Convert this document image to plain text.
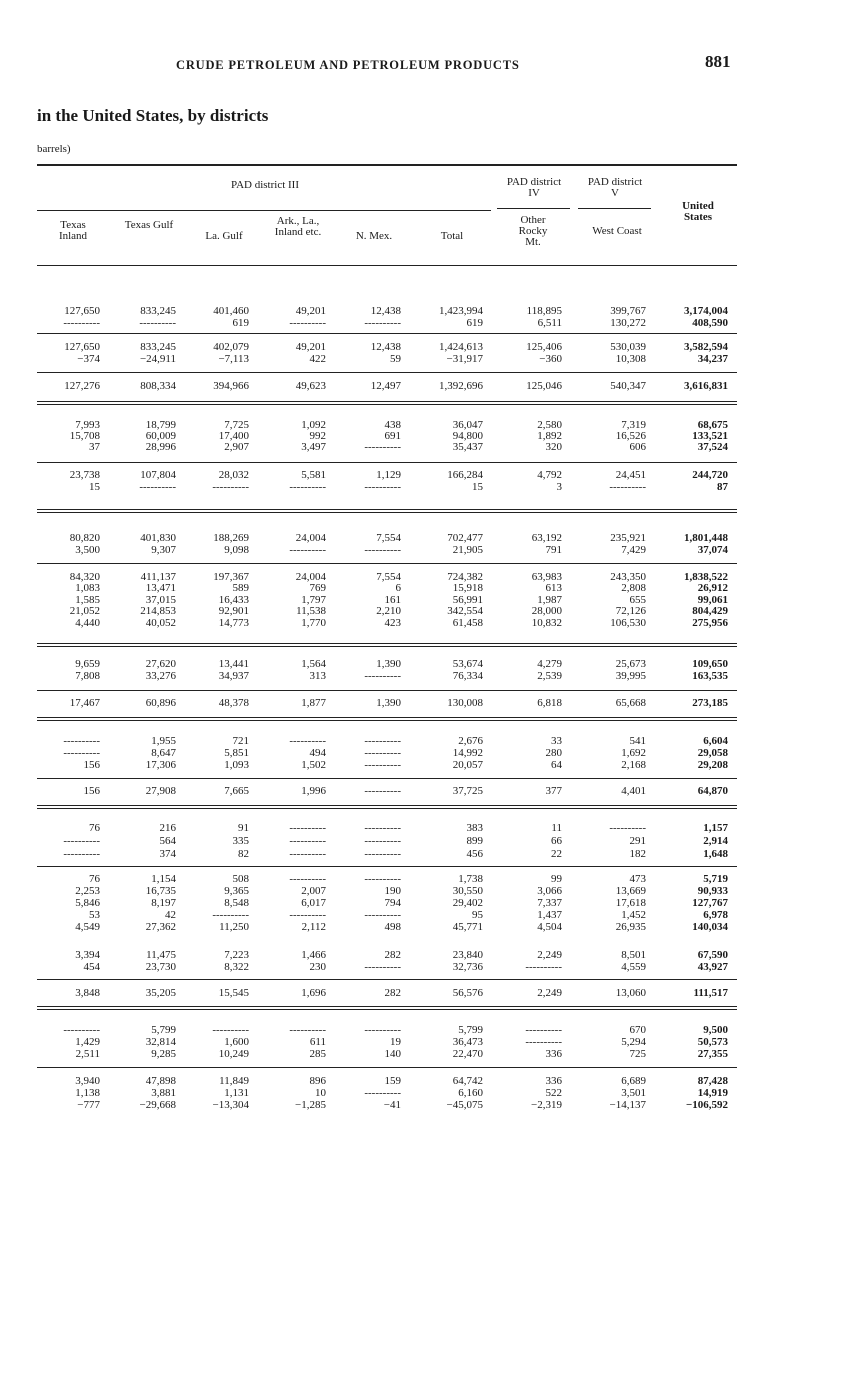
CRUDE PETROLEUM AND PETROLEUM PRODUCTS	881
in the United States, by districts
barrels)
PAD district III	PAD district IV
PAD district V
Texas Inland
Texas Gulf
La. Gulf
Ark., La., Inland etc.	N. Mex.	Total
Other Rocky Mt.
West Coast
United States
127,650	833,245	401,460	49,201	12,438	1,423,994	118,895	399,767	3,174,004
----------	----------	619	----------	----------	619	6,511	130,272	408,590
127,650	833,245	402,079	49,201	12,438	1,424,613	125,406	530,039	3,582,594
−374	−24,911	−7,113	422	59	−31,917	−360	10,308	34,237
127,276	808,334	394,966	49,623	12,497	1,392,696	125,046	540,347	3,616,831
7,993	18,799	7,725	1,092	438	36,047	2,580	7,319	68,675
15,708	60,009	17,400	992	691	94,800	1,892	16,526	133,521
37	28,996	2,907	3,497	----------	35,437	320	606	37,524
23,738	107,804	28,032	5,581	1,129	166,284	4,792	24,451	244,720
15	----------	----------	----------	----------	15	3	----------	87
80,820	401,830	188,269	24,004	7,554	702,477	63,192	235,921	1,801,448
3,500	9,307	9,098	----------	----------	21,905	791	7,429	37,074
84,320	411,137	197,367	24,004	7,554	724,382	63,983	243,350	1,838,522
1,083	13,471	589	769	6	15,918	613	2,808	26,912
1,585	37,015	16,433	1,797	161	56,991	1,987	655	99,061
21,052	214,853	92,901	11,538	2,210	342,554	28,000	72,126	804,429
4,440	40,052	14,773	1,770	423	61,458	10,832	106,530	275,956
9,659	27,620	13,441	1,564	1,390	53,674	4,279	25,673	109,650
7,808	33,276	34,937	313	----------	76,334	2,539	39,995	163,535
17,467	60,896	48,378	1,877	1,390	130,008	6,818	65,668	273,185
----------	1,955	721	----------	----------	2,676	33	541	6,604
----------	8,647	5,851	494	----------	14,992	280	1,692	29,058
156	17,306	1,093	1,502	----------	20,057	64	2,168	29,208
156	27,908	7,665	1,996	----------	37,725	377	4,401	64,870
76	216	91	----------	----------	383	11	----------	1,157
----------	564	335	----------	----------	899	66	291	2,914
----------	374	82	----------	----------	456	22	182	1,648
76	1,154	508	----------	----------	1,738	99	473	5,719
2,253	16,735	9,365	2,007	190	30,550	3,066	13,669	90,933
5,846	8,197	8,548	6,017	794	29,402	7,337	17,618	127,767
53	42	----------	----------	----------	95	1,437	1,452	6,978
4,549	27,362	11,250	2,112	498	45,771	4,504	26,935	140,034
3,394	11,475	7,223	1,466	282	23,840	2,249	8,501	67,590
454	23,730	8,322	230	----------	32,736	----------	4,559	43,927
3,848	35,205	15,545	1,696	282	56,576	2,249	13,060	111,517
----------	5,799	----------	----------	----------	5,799	----------	670	9,500
1,429	32,814	1,600	611	19	36,473	----------	5,294	50,573
2,511	9,285	10,249	285	140	22,470	336	725	27,355
3,940	47,898	11,849	896	159	64,742	336	6,689	87,428
1,138	3,881	1,131	10	----------	6,160	522	3,501	14,919
−777	−29,668	−13,304	−1,285	−41	−45,075	−2,319	−14,137	−106,592
